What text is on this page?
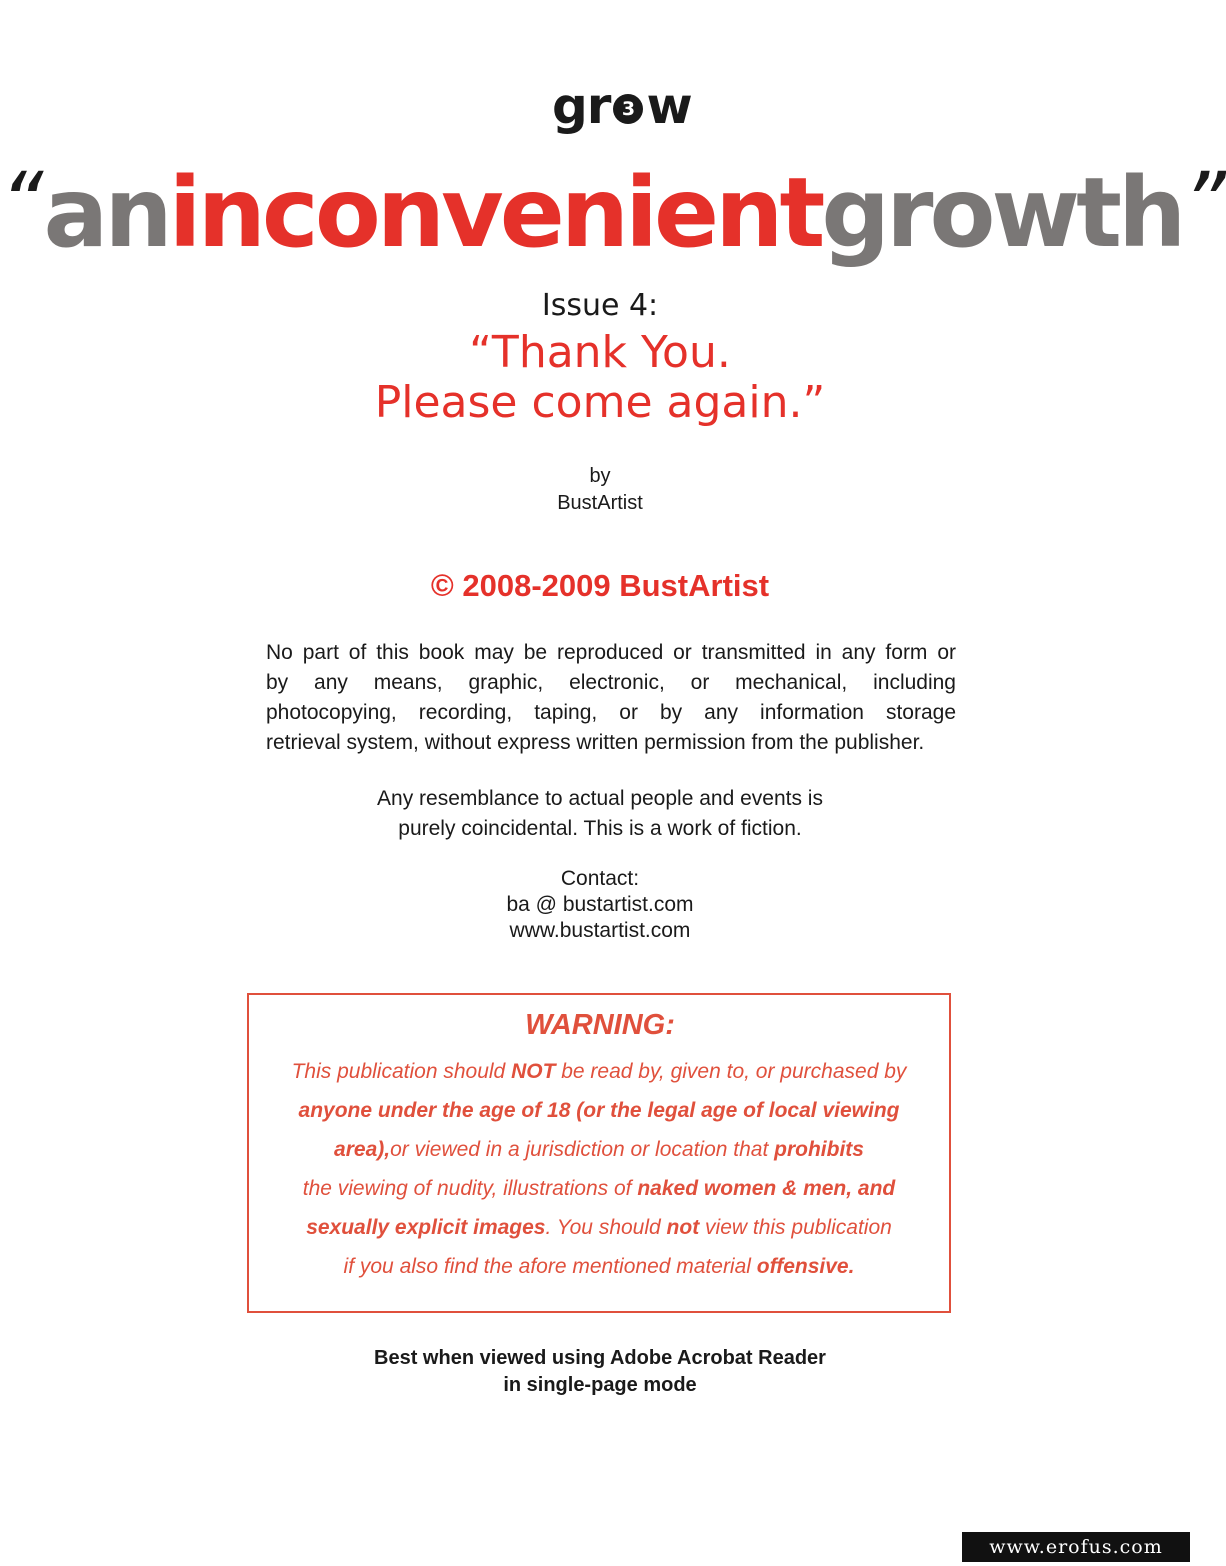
gr 3 w
“aninconvenientgrowth”
Issue 4:
“Thank You.
Please come again.”
by
BustArtist
© 2008-2009 BustArtist
No part of this book may be reproduced or transmitted in any form or
by any means, graphic, electronic, or mechanical, including
photocopying, recording, taping, or by any information storage
retrieval system, without express written permission from the publisher.
Any resemblance to actual people and events is
purely coincidental. This is a work of fiction.
Contact:
ba @ bustartist.com
www.bustartist.com
WARNING:
This publication should NOT be read by, given to, or purchased by
anyone under the age of 18 (or the legal age of local viewing
area),or viewed in a jurisdiction or location that prohibits
the viewing of nudity, illustrations of naked women & men, and
sexually explicit images. You should not view this publication
if you also find the afore mentioned material offensive.
Best when viewed using Adobe Acrobat Reader
in single-page mode
www.erofus.com
